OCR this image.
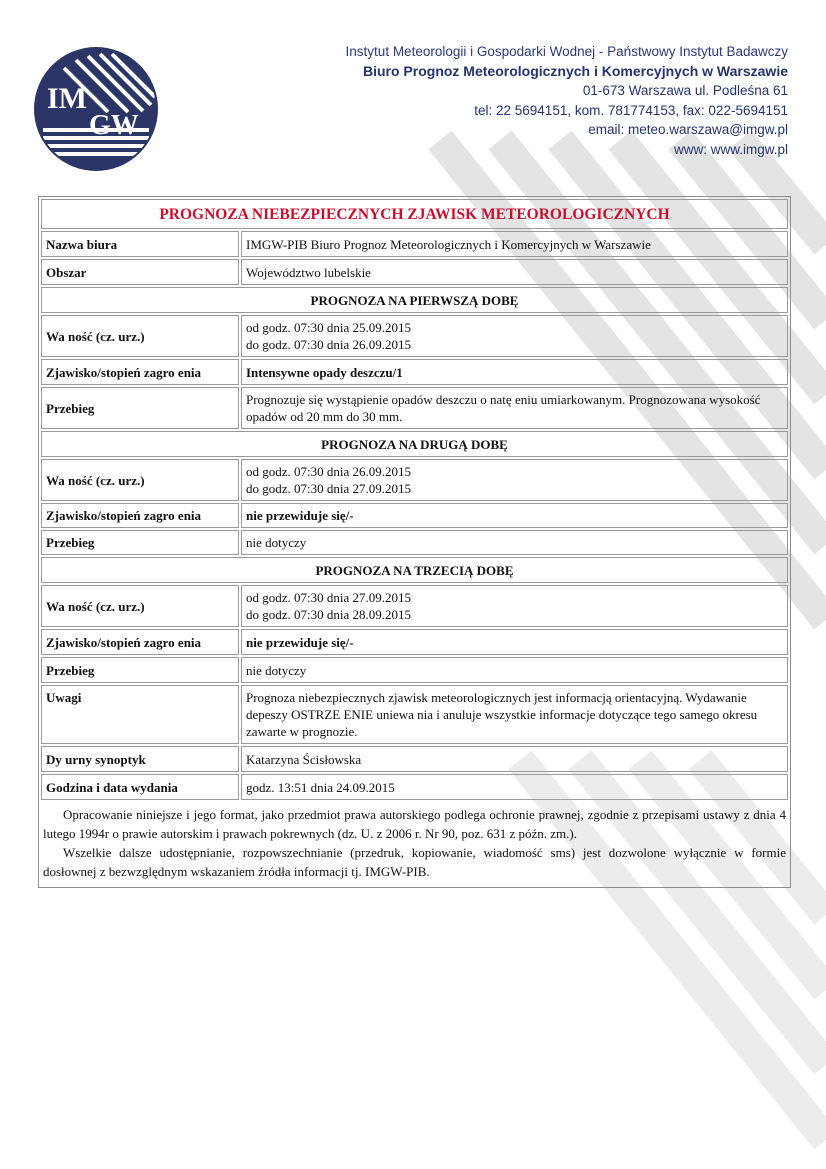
IM
GW
Instytut Meteorologii i Gospodarki Wodnej - Państwowy Instytut Badawczy
Biuro Prognoz Meteorologicznych i Komercyjnych w Warszawie
01-673 Warszawa ul. Podleśna 61
tel: 22 5694151, kom. 781774153, fax: 022-5694151
email: meteo.warszawa@imgw.pl
www: www.imgw.pl
PROGNOZA NIEBEZPIECZNYCH ZJAWISK METEOROLOGICZNYCH	
Nazwa biura	IMGW-PIB Biuro Prognoz Meteorologicznych i Komercyjnych w Warszawie
Obszar	Województwo lubelskie
PROGNOZA NA PIERWSZĄ DOBĘ	
Wa ność (cz. urz.)	od godz. 07:30 dnia 25.09.2015
do godz. 07:30 dnia 26.09.2015

Zjawisko/stopień zagro enia	Intensywne opady deszczu/1
Przebieg	Prognozuje się wystąpienie opadów deszczu o natę eniu umiarkowanym. Prognozowana wysokość opadów od 20 mm do 30 mm.
PROGNOZA NA DRUGĄ DOBĘ	
Wa ność (cz. urz.)	od godz. 07:30 dnia 26.09.2015
do godz. 07:30 dnia 27.09.2015

Zjawisko/stopień zagro enia	nie przewiduje się/-
Przebieg	nie dotyczy
PROGNOZA NA TRZECIĄ DOBĘ	
Wa ność (cz. urz.)	od godz. 07:30 dnia 27.09.2015
do godz. 07:30 dnia 28.09.2015

Zjawisko/stopień zagro enia	nie przewiduje się/-
Przebieg	nie dotyczy
Uwagi	Prognoza niebezpiecznych zjawisk meteorologicznych jest informacją orientacyjną. Wydawanie depeszy OSTRZE ENIE uniewa nia i anuluje wszystkie informacje dotyczące tego samego okresu zawarte w prognozie.
Dy urny synoptyk	Katarzyna Ścisłowska
Godzina i data wydania	godz. 13:51 dnia 24.09.2015

Opracowanie niniejsze i jego format, jako przedmiot prawa autorskiego podlega ochronie prawnej, zgodnie z przepisami ustawy z dnia 4 lutego 1994r o prawie autorskim i prawach pokrewnych (dz. U. z 2006 r. Nr 90, poz. 631 z późn. zm.).

Wszelkie dalsze udostępnianie, rozpowszechnianie (przedruk, kopiowanie, wiadomość sms) jest dozwolone wyłącznie w formie dosłownej z bezwzględnym wskazaniem źródła informacji tj. IMGW-PIB.
